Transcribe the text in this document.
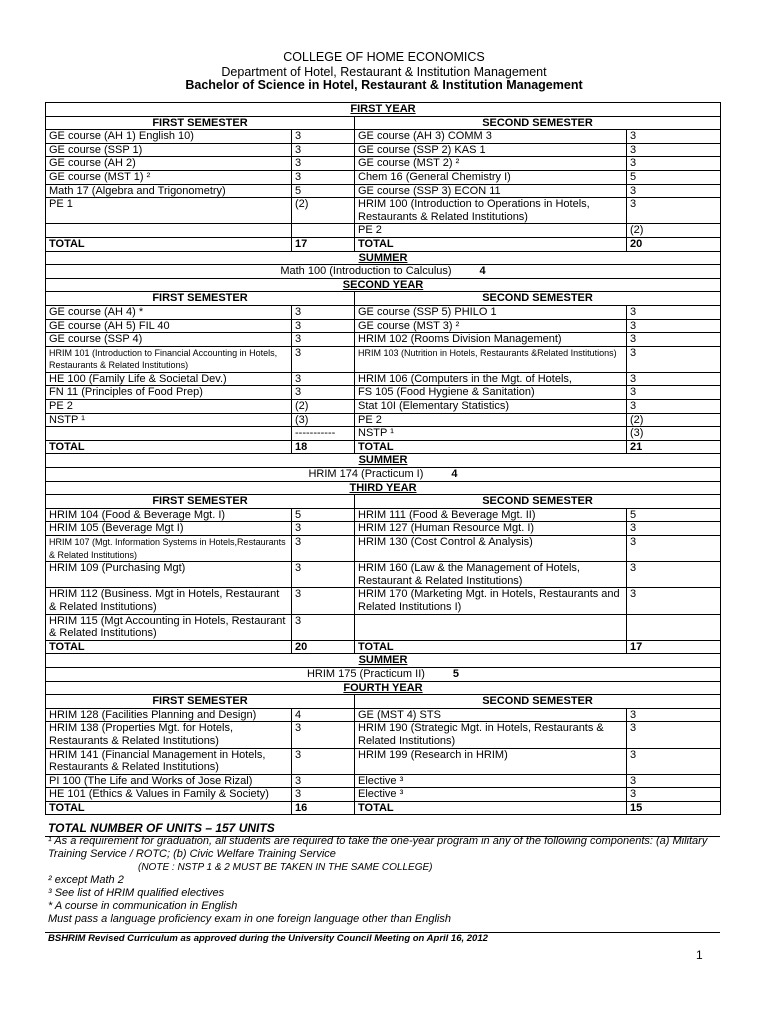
COLLEGE OF HOME ECONOMICS
Department of Hotel, Restaurant & Institution Management
Bachelor of Science in Hotel, Restaurant & Institution Management
FIRST YEAR			
FIRST SEMESTER		SECOND SEMESTER	
GE course (AH 1) English 10)	3	GE course (AH 3) COMM 3	3
GE course (SSP 1)	3	GE course (SSP 2) KAS 1	3
GE course (AH 2)	3	GE course (MST 2) ²	3
GE course (MST 1) ²	3	Chem 16 (General Chemistry I)	5
Math 17 (Algebra and Trigonometry)	5	GE course (SSP 3) ECON 11	3
PE 1	(2)	HRIM 100 (Introduction to Operations in Hotels, Restaurants & Related Institutions)	3
		PE 2	(2)
TOTAL	17	TOTAL	20
SUMMER			
Math 100 (Introduction to Calculus) 4			
SECOND YEAR			
FIRST SEMESTER		SECOND SEMESTER	
GE course (AH 4) *	3	GE course (SSP 5) PHILO 1	3
GE course (AH 5) FIL 40	3	GE course (MST 3) ²	3
GE course (SSP 4)	3	HRIM 102 (Rooms Division Management)	3
HRIM 101 (Introduction to Financial Accounting in Hotels, Restaurants & Related Institutions)	3	HRIM 103 (Nutrition in Hotels, Restaurants &Related Institutions)	3
HE 100 (Family Life & Societal Dev.)	3	HRIM 106 (Computers in the Mgt. of Hotels,	3
FN 11 (Principles of Food Prep)	3	FS 105 (Food Hygiene & Sanitation)	3
PE 2	(2)	Stat 10I (Elementary Statistics)	3
NSTP ¹	(3)	PE 2	(2)
	-----------	NSTP ¹	(3)
TOTAL	18	TOTAL	21
SUMMER			
HRIM 174 (Practicum I) 4			
THIRD YEAR			
FIRST SEMESTER		SECOND SEMESTER	
HRIM 104 (Food & Beverage Mgt. I)	5	HRIM 111 (Food & Beverage Mgt. II)	5
HRIM 105 (Beverage Mgt I)	3	HRIM 127 (Human Resource Mgt. I)	3
HRIM 107 (Mgt. Information Systems in Hotels,Restaurants & Related Institutions)	3	HRIM 130 (Cost Control & Analysis)	3
HRIM 109 (Purchasing Mgt)	3	HRIM 160 (Law & the Management of Hotels, Restaurant & Related Institutions)	3
HRIM 112 (Business. Mgt in Hotels, Restaurant & Related Institutions)	3	HRIM 170 (Marketing Mgt. in Hotels, Restaurants and Related Institutions I)	3
HRIM 115 (Mgt Accounting in Hotels, Restaurant & Related Institutions)	3		
TOTAL	20	TOTAL	17
SUMMER			
HRIM 175 (Practicum II) 5			
FOURTH YEAR			
FIRST SEMESTER		SECOND SEMESTER	
HRIM 128 (Facilities Planning and Design)	4	GE (MST 4) STS	3
HRIM 138 (Properties Mgt. for Hotels, Restaurants & Related Institutions)	3	HRIM 190 (Strategic Mgt. in Hotels, Restaurants & Related Institutions)	3
HRIM 141 (Financial Management in Hotels, Restaurants & Related Institutions)	3	HRIM 199 (Research in HRIM)	3
PI 100 (The Life and Works of Jose Rizal)	3	Elective ³	3
HE 101 (Ethics & Values in Family & Society)	3	Elective ³	3
TOTAL	16	TOTAL	15
TOTAL NUMBER OF UNITS – 157 UNITS
¹ As a requirement for graduation, all students are required to take the one-year program in any of the following components: (a) Military Training Service / ROTC; (b) Civic Welfare Training Service
(NOTE : NSTP 1 & 2 MUST BE TAKEN IN THE SAME COLLEGE)
² except Math 2
³ See list of HRIM qualified electives
* A course in communication in English
Must pass a language proficiency exam in one foreign language other than English
BSHRIM Revised Curriculum as approved during the University Council Meeting on April 16, 2012
1
